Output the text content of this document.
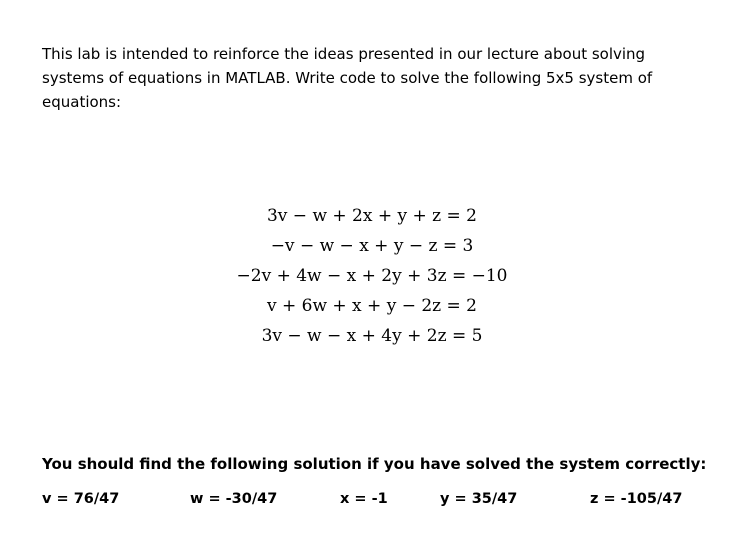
This lab is intended to reinforce the ideas presented in our lecture about solving
systems of equations in MATLAB. Write code to solve the following 5x5 system of
equations:
3v − w + 2x + y + z = 2
−v − w − x + y − z = 3
−2v + 4w − x + 2y + 3z = −10
v + 6w + x + y − 2z = 2
3v − w − x + 4y + 2z = 5

You should find the following solution if you have solved the system correctly:

v = 76/47	w = -30/47	x = -1	y = 35/47	z = -105/47
